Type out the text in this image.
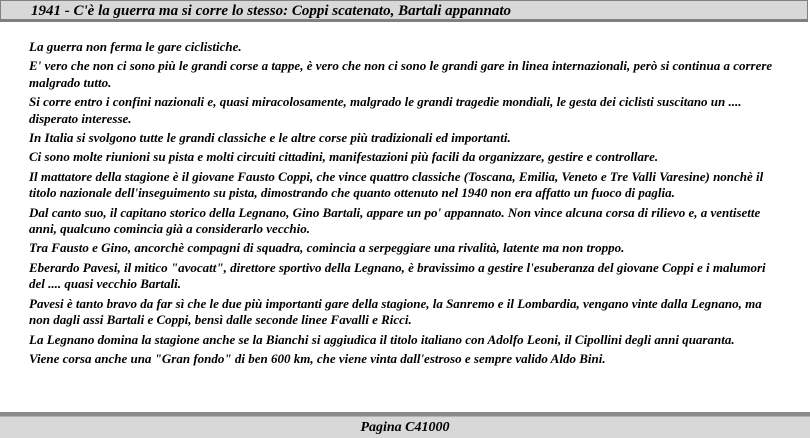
1941 - C'è la guerra ma si corre lo stesso: Coppi scatenato, Bartali appannato

La guerra non ferma le gare ciclistiche.

E' vero che non ci sono più le grandi corse a tappe, è vero che non ci sono le grandi gare in linea internazionali, però si continua a correre malgrado tutto.

Si corre entro i confini nazionali e, quasi miracolosamente, malgrado le grandi tragedie mondiali, le gesta dei ciclisti suscitano un .... disperato interesse.

In Italia si svolgono tutte le grandi classiche e le altre corse più tradizionali ed importanti.

Ci sono molte riunioni su pista e molti circuiti cittadini, manifestazioni più facili da organizzare, gestire e controllare.

Il mattatore della stagione è il giovane Fausto Coppi, che vince quattro classiche (Toscana, Emilia, Veneto e Tre Valli Varesine) nonchè il titolo nazionale dell'inseguimento su pista, dimostrando che quanto ottenuto nel 1940 non era affatto un fuoco di paglia.

Dal canto suo, il capitano storico della Legnano, Gino Bartali, appare un po' appannato. Non vince alcuna corsa di rilievo e, a ventisette anni, qualcuno comincia già a considerarlo vecchio.

Tra Fausto e Gino, ancorchè compagni di squadra, comincia a serpeggiare una rivalità, latente ma non troppo.

Eberardo Pavesi, il mitico "avocatt", direttore sportivo della Legnano, è bravissimo a gestire l'esuberanza del giovane Coppi e i malumori del .... quasi vecchio Bartali.

Pavesi è tanto bravo da far sì che le due più importanti gare della stagione, la Sanremo e il Lombardia, vengano vinte dalla Legnano, ma non dagli assi Bartali e Coppi, bensì dalle seconde linee Favalli e Ricci.

La Legnano domina la stagione anche se la Bianchi si aggiudica il titolo italiano con Adolfo Leoni, il Cipollini degli anni quaranta.

Viene corsa anche una "Gran fondo" di ben 600 km, che viene vinta dall'estroso e sempre valido Aldo Bini.

Pagina C41000
